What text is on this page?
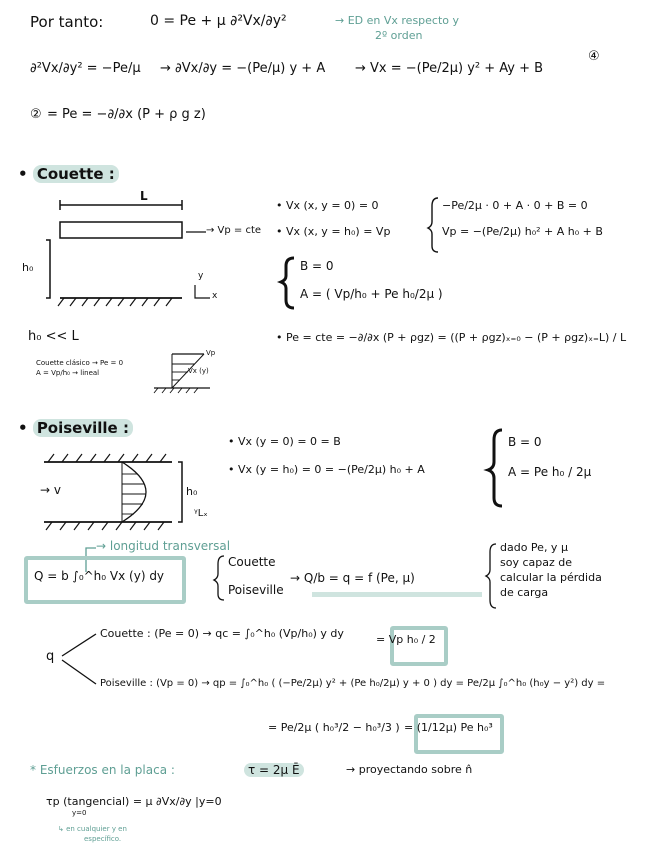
Por tanto:	0 = Pe + μ ∂²Vx/∂y²	→ ED en Vx respecto y
2º orden
∂²Vx/∂y² = −Pe/μ → ∂Vx/∂y = −(Pe/μ) y + A → Vx = −(Pe/2μ) y² + Ay + B
④
② = Pe = −∂/∂x (P + ρ g z)
• Couette :
L
→ Vp = cte
h₀
y
x
• Vx (x, y = 0) = 0
• Vx (x, y = h₀) = Vp
−Pe/2μ · 0 + A · 0 + B = 0
Vp = −(Pe/2μ) h₀² + A h₀ + B
B = 0
A = ( Vp/h₀ + Pe h₀/2μ )
h₀ << L
Couette clásico → Pe = 0
A = Vp/h₀ → lineal
Vp
Vx (y)
• Pe = cte = −∂/∂x (P + ρgz) = ((P + ρgz)ₓ₌₀ − (P + ρgz)ₓ₌L) / L
• Poiseville :
• Vx (y = 0) = 0 = B
• Vx (y = h₀) = 0 = −(Pe/2μ) h₀ + A
B = 0
A = Pe h₀ / 2μ
→ v	h₀
ᵞLₓ
→ longitud transversal
Q = b ∫₀^h₀ Vx (y) dy
Couette
Poiseville
→ Q/b = q = f (Pe, μ)
dado Pe, y μ
soy capaz de
calcular la pérdida
de carga
q
Couette : (Pe = 0) → qc = ∫₀^h₀ (Vp/h₀) y dy	= Vp h₀ / 2
Poiseville : (Vp = 0) → qp = ∫₀^h₀ ( (−Pe/2μ) y² + (Pe h₀/2μ) y + 0 ) dy = Pe/2μ ∫₀^h₀ (h₀y − y²) dy =
= Pe/2μ ( h₀³/2 − h₀³/3 ) = (1/12μ) Pe h₀³
* Esfuerzos en la placa :	τ = 2μ Ē	→ proyectando sobre n̂
τp (tangencial) = μ ∂Vx/∂y |y=0
y=0
↳ en cualquier y en
específico.
